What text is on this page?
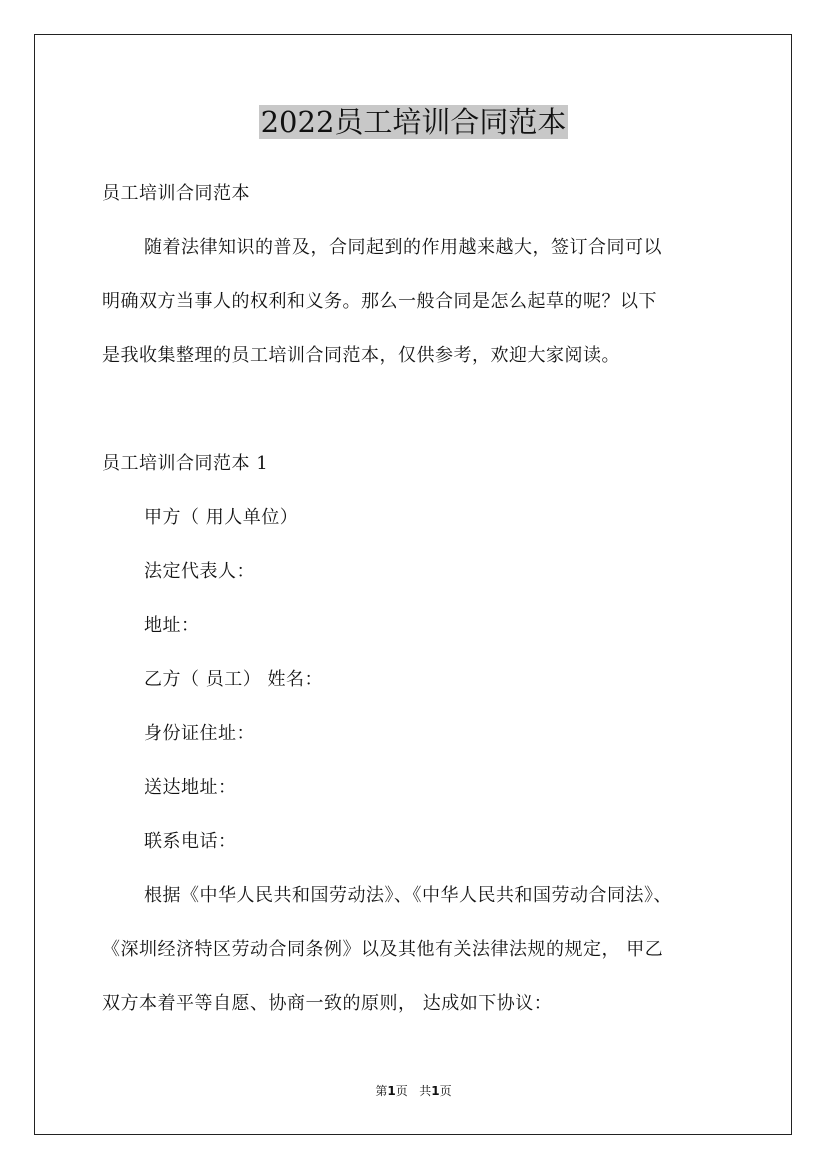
2022员工培训合同范本
员工培训合同范本
随着法律知识的普及，合同起到的作用越来越大，签订合同可以
明确双方当事人的权利和义务。那么一般合同是怎么起草的呢？以下
是我收集整理的员工培训合同范本，仅供参考，欢迎大家阅读。
员工培训合同范本 1
甲方（ 用人单位）
法定代表人：
地址：
乙方（ 员工） 姓名：
身份证住址：
送达地址：
联系电话：
根据《中华人民共和国劳动法》、《中华人民共和国劳动合同法》、
《深圳经济特区劳动合同条例》以及其他有关法律法规的规定， 甲乙
双方本着平等自愿、协商一致的原则， 达成如下协议：
第1页 共1页
